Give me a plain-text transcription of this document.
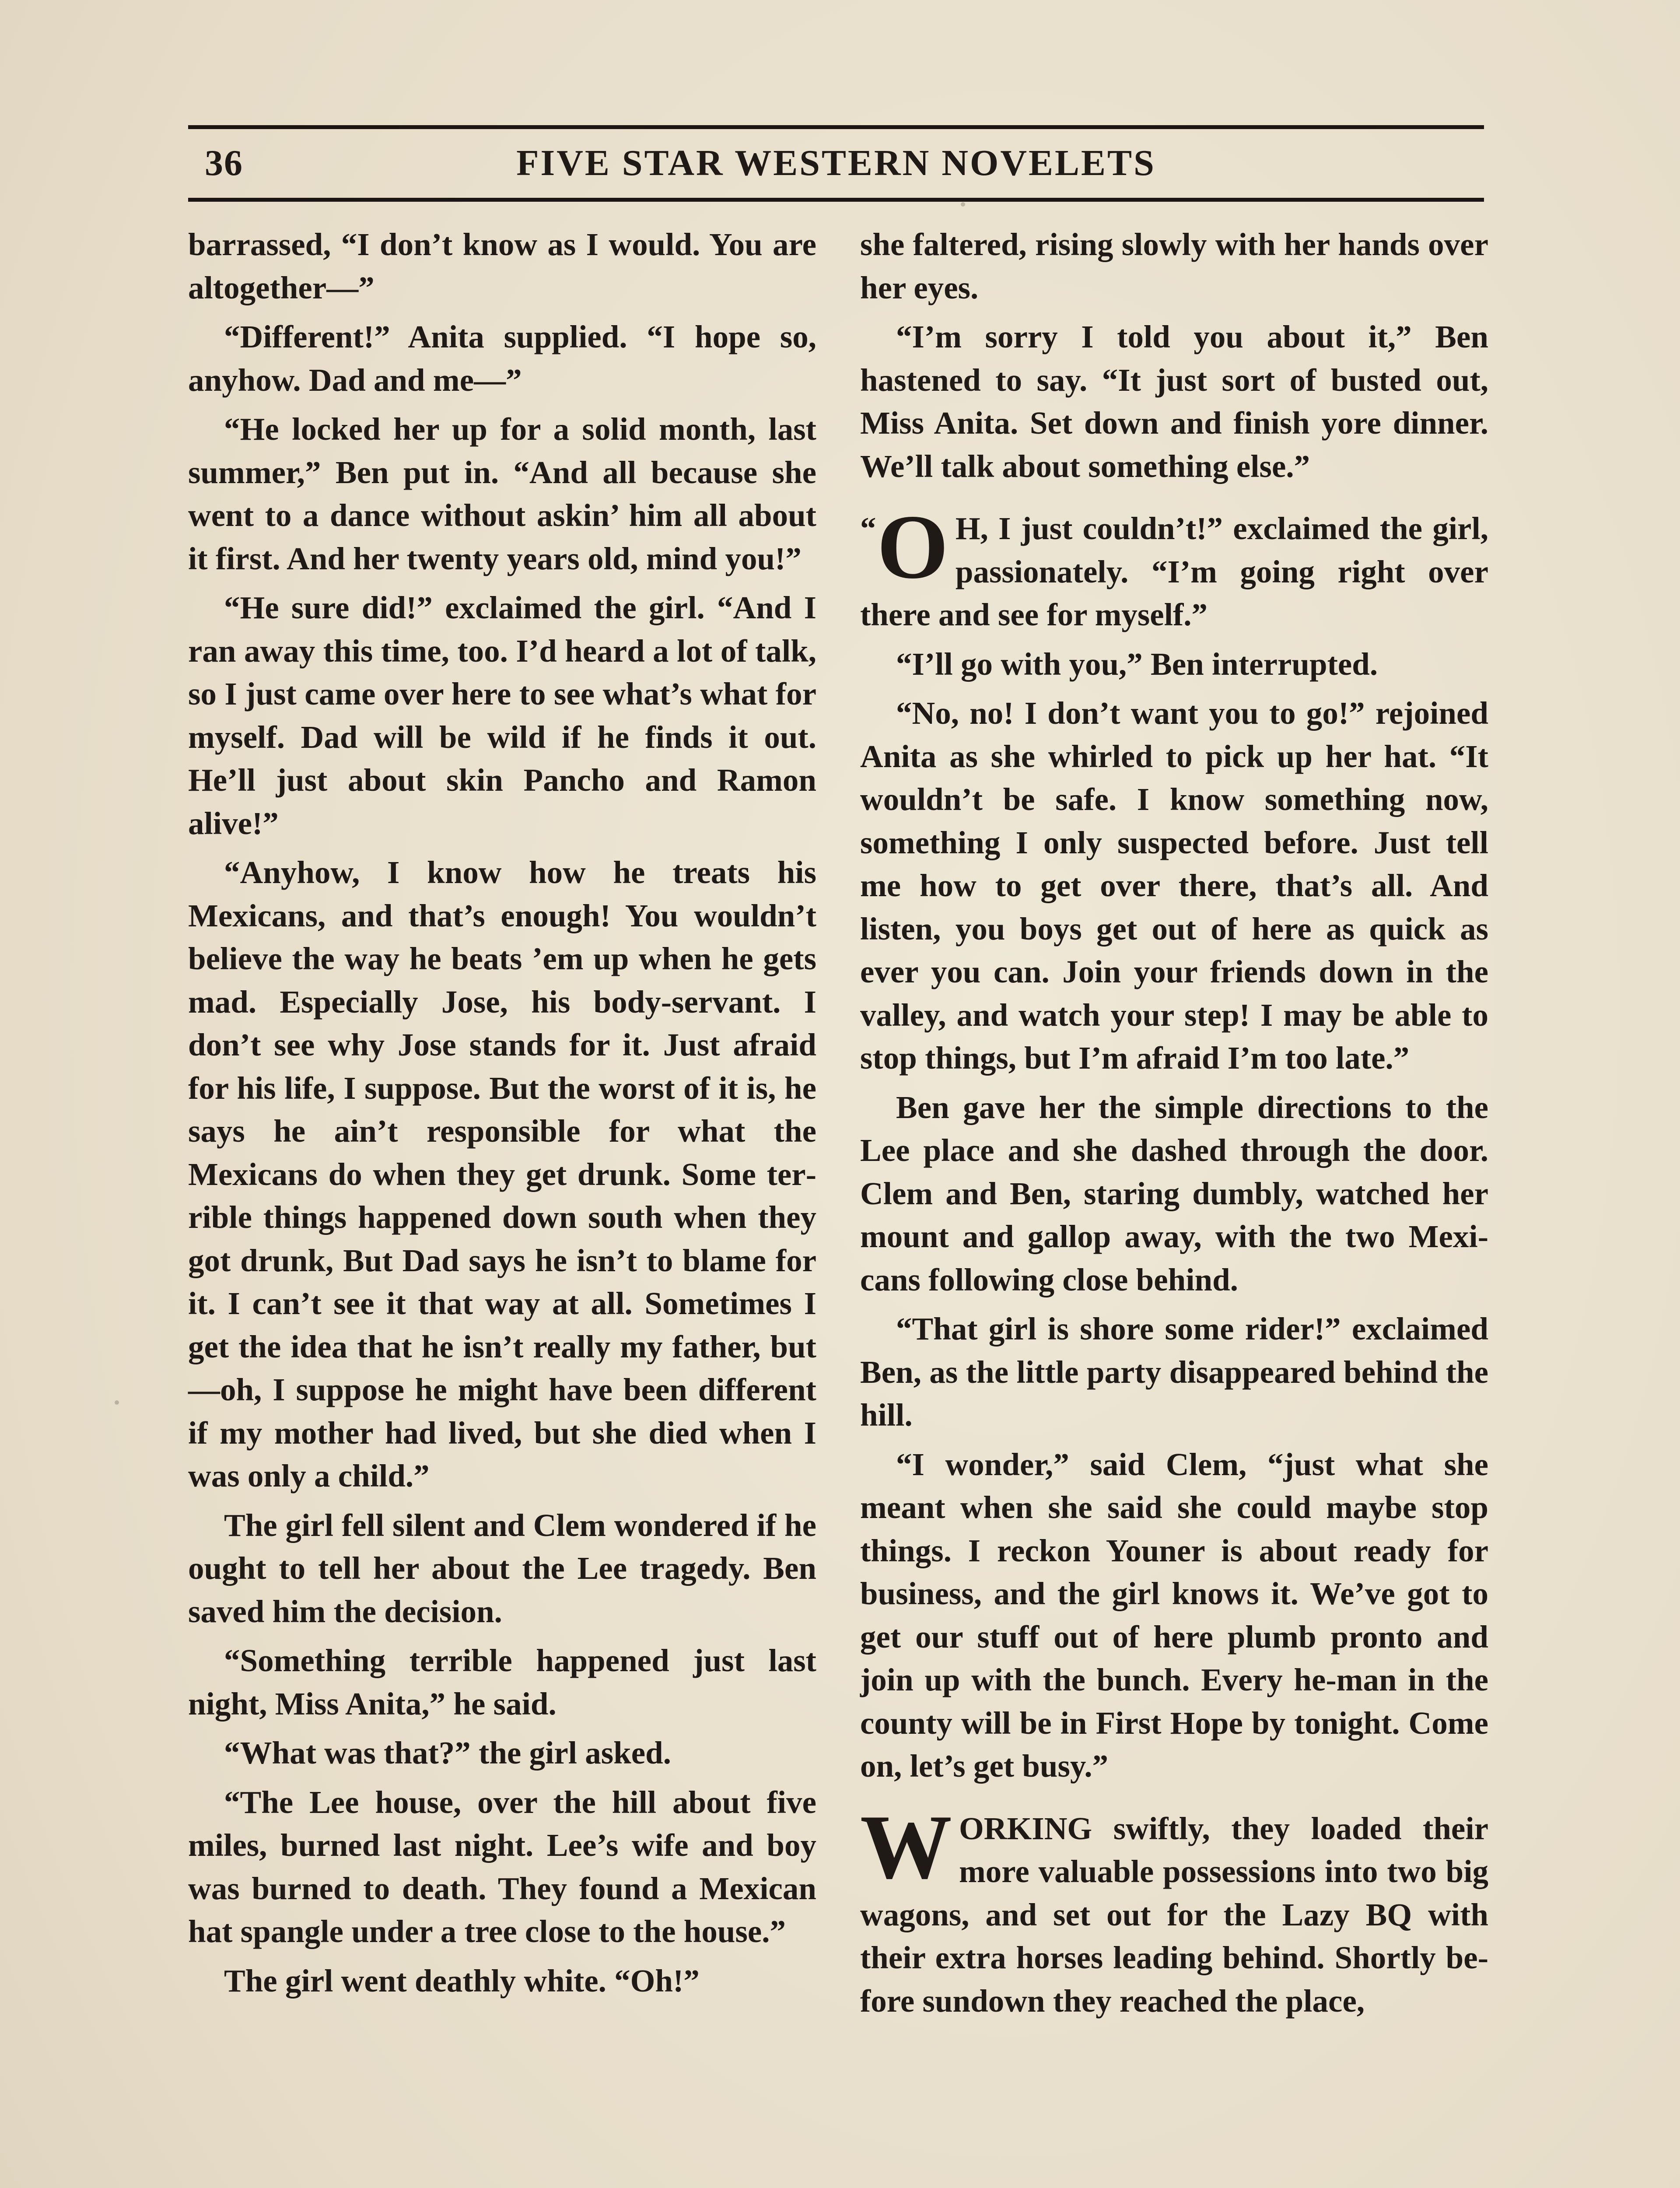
36	FIVE STAR WESTERN NOVELETS

barrassed, “I don’t know as I would. You are altogether—”

“Different!” Anita supplied. “I hope so, anyhow. Dad and me—”

“He locked her up for a solid month, last summer,” Ben put in. “And all because she went to a dance without askin’ him all about it first. And her twenty years old, mind you!”

“He sure did!” exclaimed the girl. “And I ran away this time, too. I’d heard a lot of talk, so I just came over here to see what’s what for myself. Dad will be wild if he finds it out. He’ll just about skin Pancho and Ramon alive!”

“Anyhow, I know how he treats his Mexicans, and that’s enough! You wouldn’t believe the way he beats ’em up when he gets mad. Especially Jose, his body-servant. I don’t see why Jose stands for it. Just afraid for his life, I suppose. But the worst of it is, he says he ain’t responsible for what the Mexicans do when they get drunk. Some terrible things happened down south when they got drunk, But Dad says he isn’t to blame for it. I can’t see it that way at all. Sometimes I get the idea that he isn’t really my father, but—oh, I suppose he might have been different if my mother had lived, but she died when I was only a child.”

The girl fell silent and Clem wondered if he ought to tell her about the Lee tragedy. Ben saved him the decision.

“Something terrible happened just last night, Miss Anita,” he said.

“What was that?” the girl asked.

“The Lee house, over the hill about five miles, burned last night. Lee’s wife and boy was burned to death. They found a Mexican hat spangle under a tree close to the house.”

The girl went deathly white. “Oh!”

she faltered, rising slowly with her hands over her eyes.

“I’m sorry I told you about it,” Ben hastened to say. “It just sort of busted out, Miss Anita. Set down and finish yore dinner. We’ll talk about something else.”

“ O H, I just couldn’t!” exclaimed the girl, passionately. “I’m going right over there and see for myself.”

“I’ll go with you,” Ben interrupted.

“No, no! I don’t want you to go!” rejoined Anita as she whirled to pick up her hat. “It wouldn’t be safe. I know something now, something I only suspected before. Just tell me how to get over there, that’s all. And listen, you boys get out of here as quick as ever you can. Join your friends down in the valley, and watch your step! I may be able to stop things, but I’m afraid I’m too late.”

Ben gave her the simple directions to the Lee place and she dashed through the door. Clem and Ben, staring dumbly, watched her mount and gallop away, with the two Mexicans following close behind.

“That girl is shore some rider!” exclaimed Ben, as the little party disappeared behind the hill.

“I wonder,” said Clem, “just what she meant when she said she could maybe stop things. I reckon Youner is about ready for business, and the girl knows it. We’ve got to get our stuff out of here plumb pronto and join up with the bunch. Every he-man in the county will be in First Hope by tonight. Come on, let’s get busy.”

WORKING swiftly, they loaded their more valuable possessions into two big wagons, and set out for the Lazy BQ with their extra horses leading behind. Shortly before sundown they reached the place,
